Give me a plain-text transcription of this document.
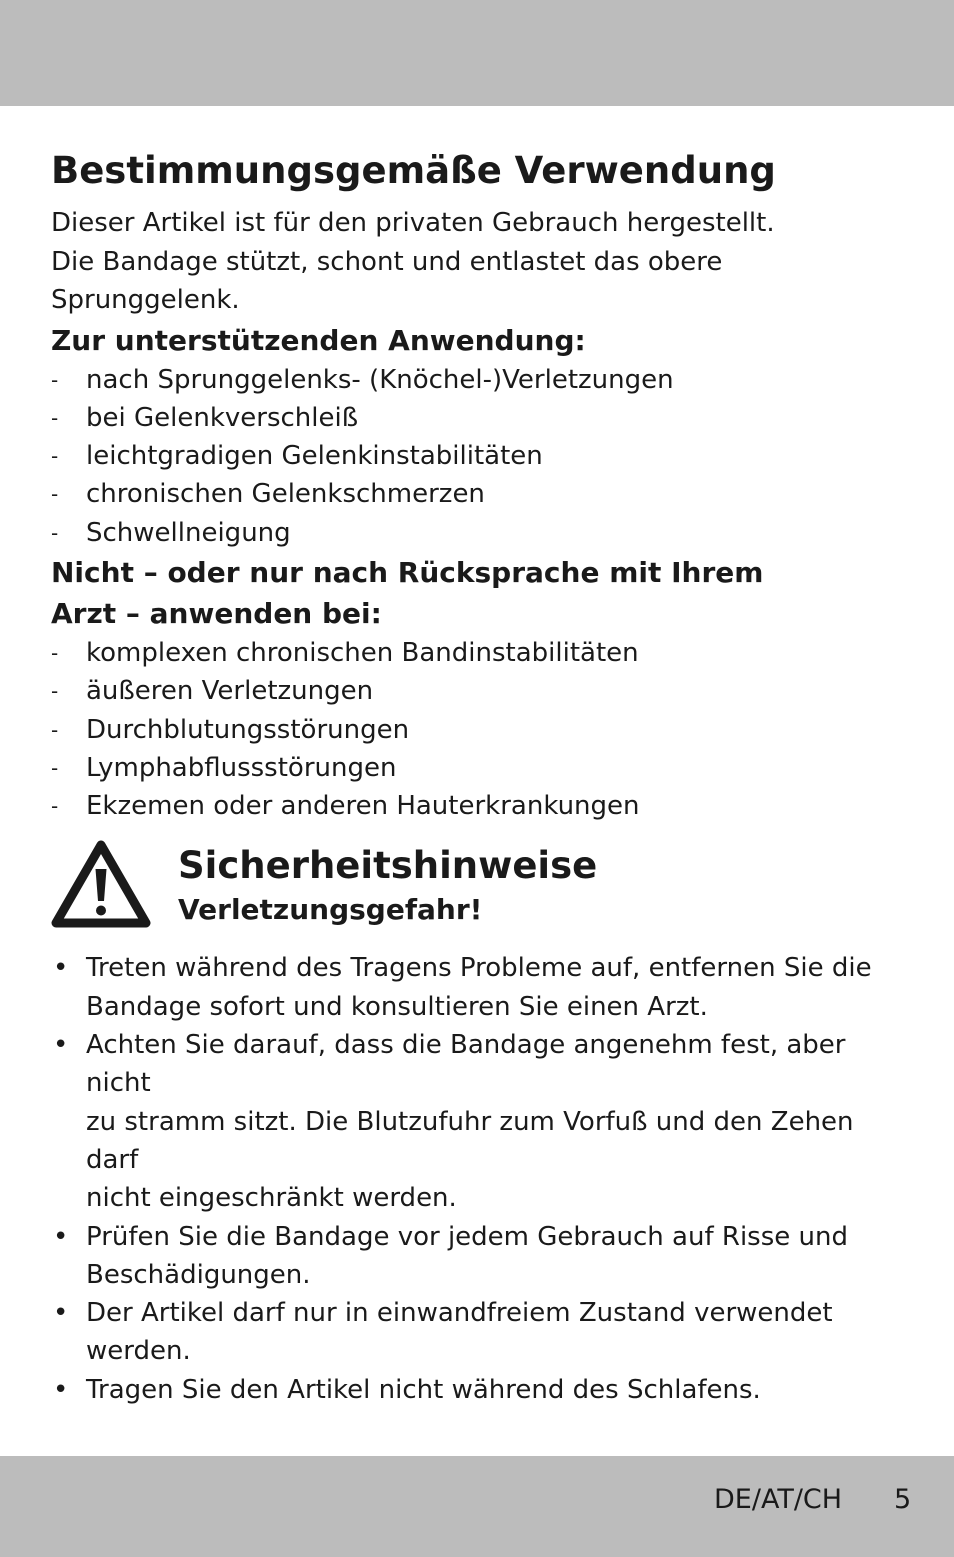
Bestimmungsgemäße Verwendung

Dieser Artikel ist für den privaten Gebrauch hergestellt.

Die Bandage stützt, schont und entlastet das obere Sprunggelenk.

Zur unterstützenden Anwendung:

- nach Sprunggelenks- (Knöchel-)Verletzungen
- bei Gelenkverschleiß
- leichtgradigen Gelenkinstabilitäten
- chronischen Gelenkschmerzen
- Schwellneigung

Nicht – oder nur nach Rücksprache mit Ihrem

Arzt – anwenden bei:

- komplexen chronischen Bandinstabilitäten
- äußeren Verletzungen
- Durchblutungsstörungen
- Lymphabflussstörungen
- Ekzemen oder anderen Hauterkrankungen
Sicherheitshinweise

Verletzungsgefahr!

• Treten während des Tragens Probleme auf, entfernen Sie die
Bandage sofort und konsultieren Sie einen Arzt.
• Achten Sie darauf, dass die Bandage angenehm fest, aber nicht
zu stramm sitzt. Die Blutzufuhr zum Vorfuß und den Zehen darf
nicht eingeschränkt werden.
• Prüfen Sie die Bandage vor jedem Gebrauch auf Risse und
Beschädigungen.
• Der Artikel darf nur in einwandfreiem Zustand verwendet werden.
• Tragen Sie den Artikel nicht während des Schlafens.
DE/AT/CH 5
